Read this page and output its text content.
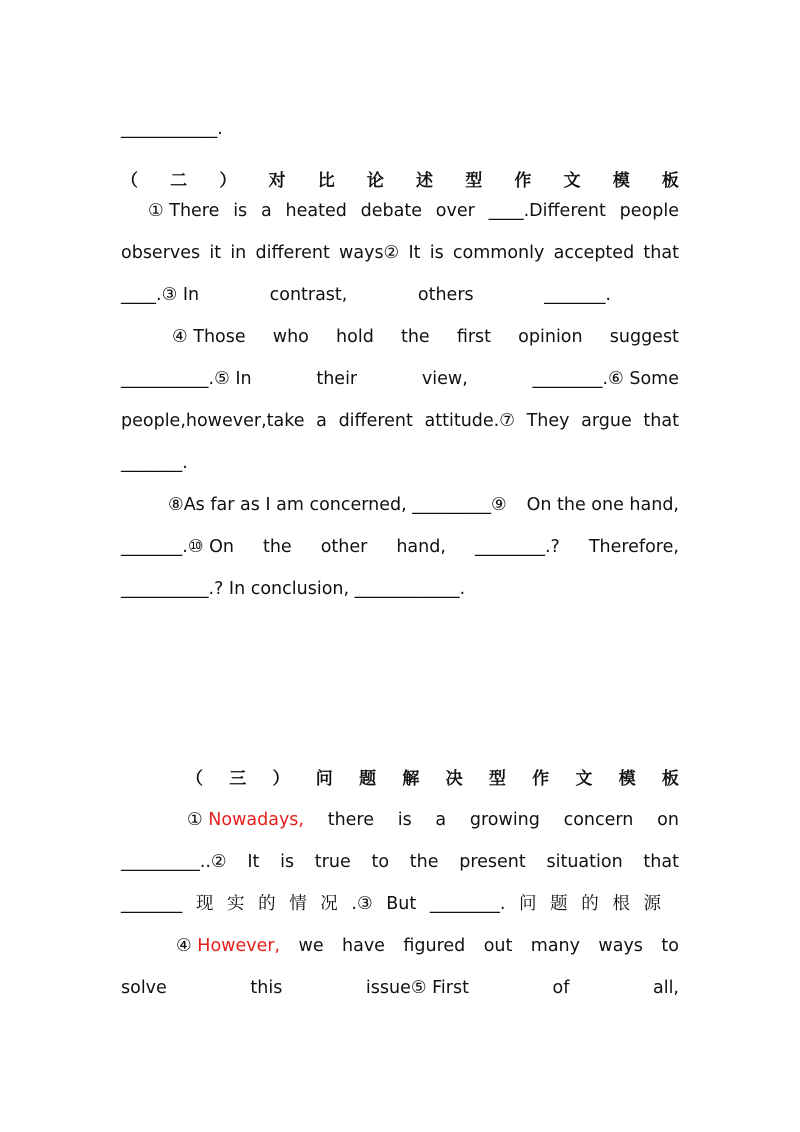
___________.
（ 二 ） 对 比 论 述 型 作 文 模 板
① There is a heated debate over ____.Different people
observes it in different ways② It is commonly accepted that
____.③ In	contrast,	others	_______.
④ Those who hold the first opinion suggest
__________.⑤ In	their	view,	________.⑥ Some
people,however,take a different attitude.⑦ They argue that
_______.
⑧As far as I am concerned, _________⑨ On the one hand,
_______.⑩ On the other hand, ________.? Therefore,
__________.? In conclusion, ____________.
（ 三 ） 问 题 解 决 型 作 文 模 板
① Nowadays, there is a growing concern on
_________..② It is true to the present situation that
_______ 现 实 的 情 况 .③ But ________. 问 题 的 根 源
④ However, we have figured out many ways to
solve	this	issue⑤ First	of	all,
